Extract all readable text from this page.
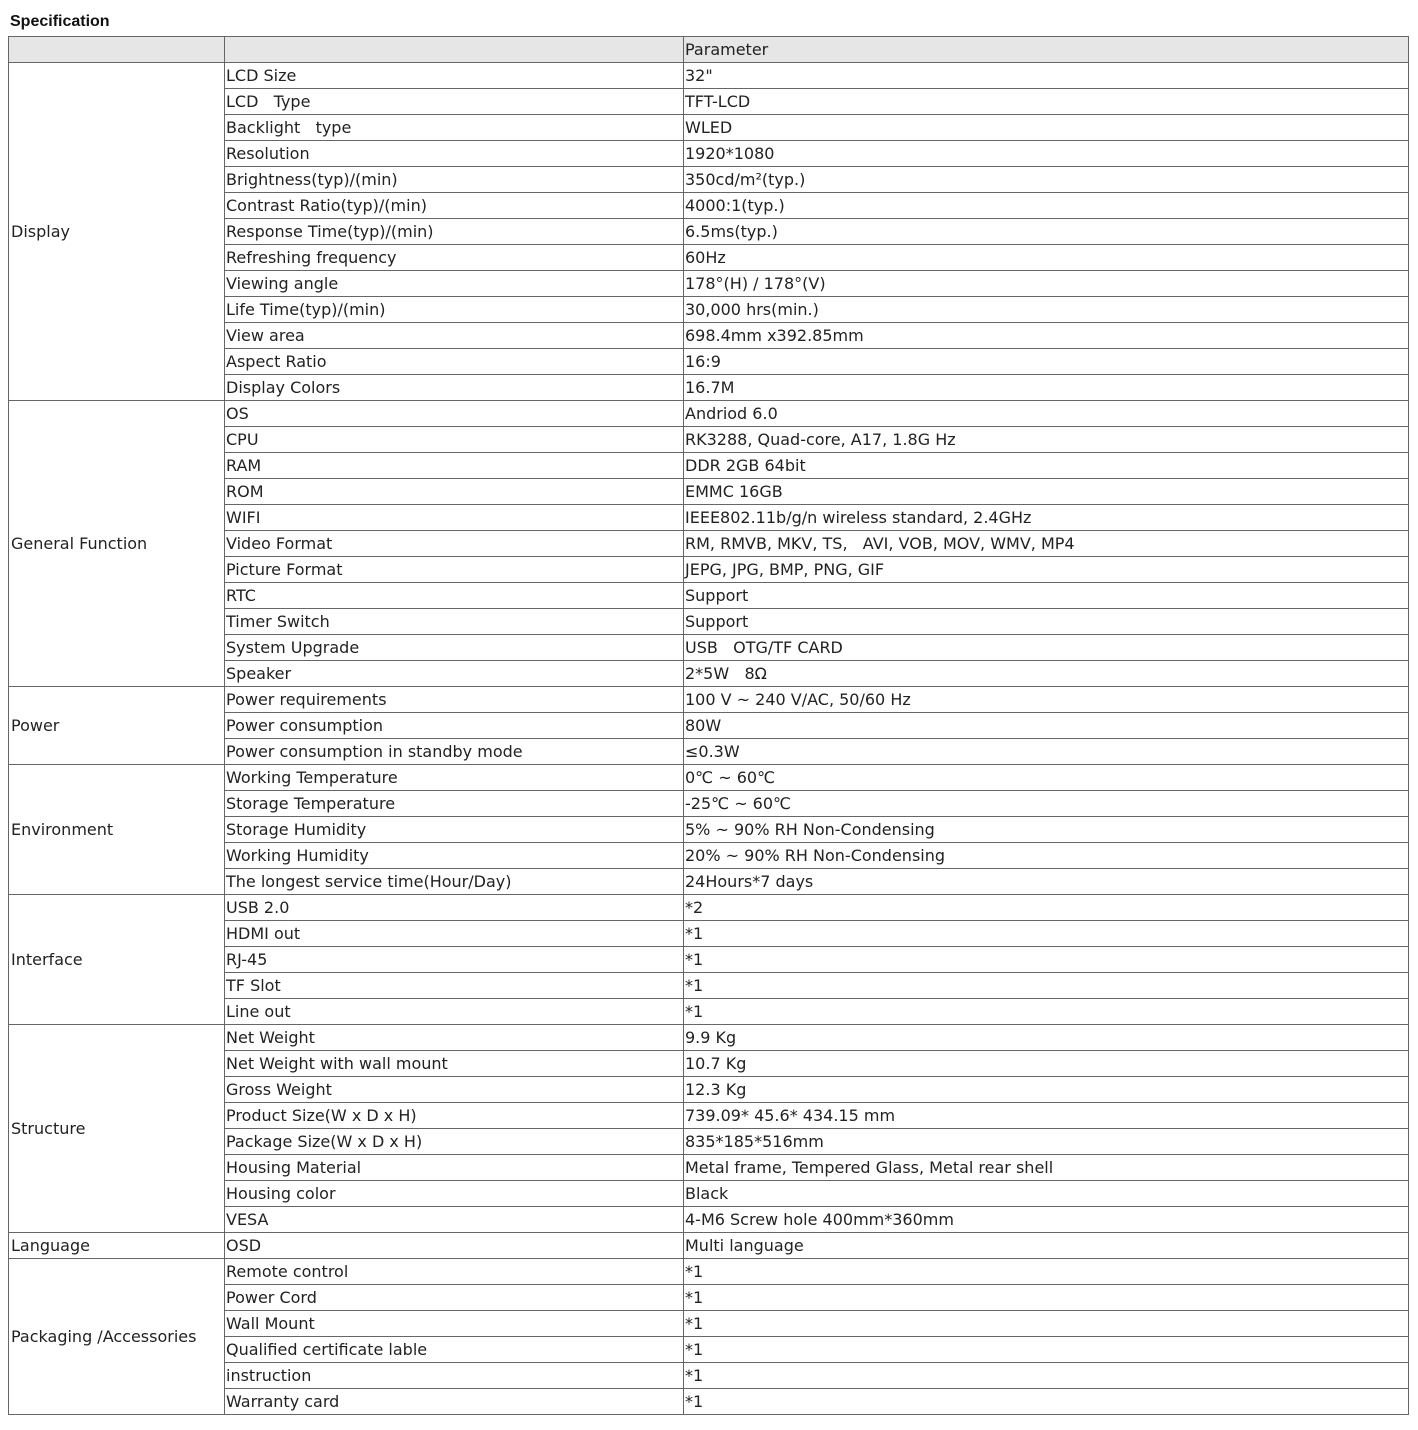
Specification
		Parameter
Display	LCD Size	32"
	LCD   Type	TFT-LCD
	Backlight   type	WLED
	Resolution	1920*1080
	Brightness(typ)/(min)	350cd/m²(typ.)
	Contrast Ratio(typ)/(min)	4000:1(typ.)
	Response Time(typ)/(min)	6.5ms(typ.)
	Refreshing frequency	60Hz
	Viewing angle	178°(H) / 178°(V)
	Life Time(typ)/(min)	30,000 hrs(min.)
	View area	698.4mm x392.85mm
	Aspect Ratio	16:9
	Display Colors	16.7M
General Function	OS	Andriod 6.0
	CPU	RK3288, Quad-core, A17, 1.8G Hz
	RAM	DDR 2GB 64bit
	ROM	EMMC 16GB
	WIFI	IEEE802.11b/g/n wireless standard, 2.4GHz
	Video Format	RM, RMVB, MKV, TS,   AVI, VOB, MOV, WMV, MP4
	Picture Format	JEPG, JPG, BMP, PNG, GIF
	RTC	Support
	Timer Switch	Support
	System Upgrade	USB   OTG/TF CARD
	Speaker	2*5W   8Ω
Power	Power requirements	100 V ~ 240 V/AC, 50/60 Hz
	Power consumption	80W
	Power consumption in standby mode	≤0.3W
Environment	Working Temperature	0℃ ~ 60℃
	Storage Temperature	-25℃ ~ 60℃
	Storage Humidity	5% ~ 90% RH Non-Condensing
	Working Humidity	20% ~ 90% RH Non-Condensing
	The longest service time(Hour/Day)	24Hours*7 days
Interface	USB 2.0	*2
	HDMI out	*1
	RJ-45	*1
	TF Slot	*1
	Line out	*1
Structure	Net Weight	9.9 Kg
	Net Weight with wall mount	10.7 Kg
	Gross Weight	12.3 Kg
	Product Size(W x D x H)	739.09* 45.6* 434.15 mm
	Package Size(W x D x H)	835*185*516mm
	Housing Material	Metal frame, Tempered Glass, Metal rear shell
	Housing color	Black
	VESA	4-M6 Screw hole 400mm*360mm
Language	OSD	Multi language
Packaging /Accessories	Remote control	*1
	Power Cord	*1
	Wall Mount	*1
	Qualified certificate lable	*1
	instruction	*1
	Warranty card	*1
